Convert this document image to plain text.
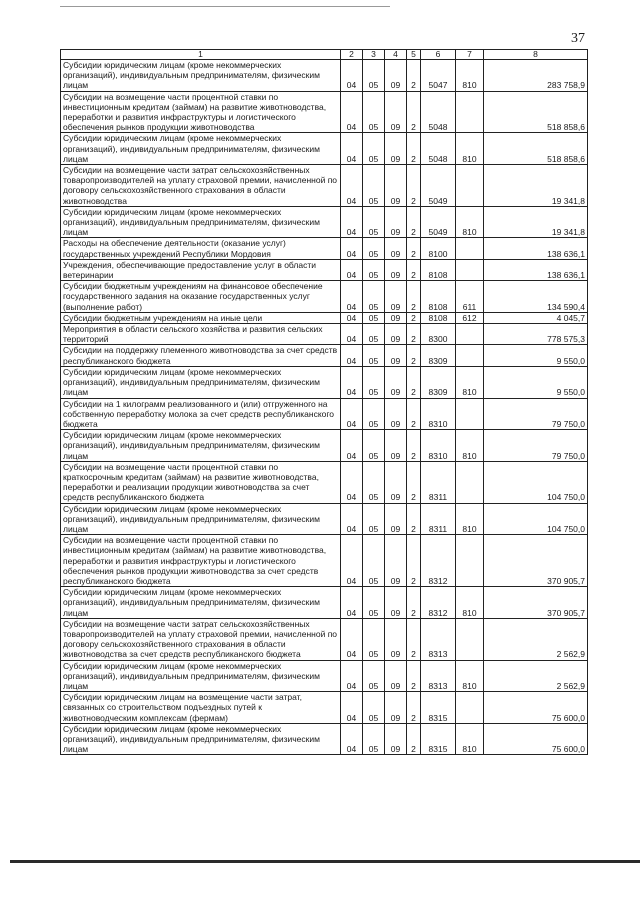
37
1	2	3	4	5	6	7	8
Субсидии юридическим лицам (кроме некоммерческих организаций), индивидуальным предпринимателям, физическим лицам	04	05	09	2	5047	810	283 758,9
Субсидии на возмещение части процентной ставки по инвестиционным кредитам (займам) на развитие животноводства, переработки и развития инфраструктуры и логистического обеспечения рынков продукции животноводства	04	05	09	2	5048		518 858,6
Субсидии юридическим лицам (кроме некоммерческих организаций), индивидуальным предпринимателям, физическим лицам	04	05	09	2	5048	810	518 858,6
Субсидии на возмещение части затрат сельскохозяйственных товаропроизводителей на уплату страховой премии, начисленной по договору сельскохозяйственного страхования в области животноводства	04	05	09	2	5049		19 341,8
Субсидии юридическим лицам (кроме некоммерческих организаций), индивидуальным предпринимателям, физическим лицам	04	05	09	2	5049	810	19 341,8
Расходы на обеспечение деятельности (оказание услуг) государственных учреждений Республики Мордовия	04	05	09	2	8100		138 636,1
Учреждения, обеспечивающие предоставление услуг в области ветеринарии	04	05	09	2	8108		138 636,1
Субсидии бюджетным учреждениям на финансовое обеспечение государственного задания на оказание государственных услуг (выполнение работ)	04	05	09	2	8108	611	134 590,4
Субсидии бюджетным учреждениям на иные цели	04	05	09	2	8108	612	4 045,7
Мероприятия в области сельского хозяйства и развития сельских территорий	04	05	09	2	8300		778 575,3
Субсидии на поддержку племенного животноводства за счет средств республиканского бюджета	04	05	09	2	8309		9 550,0
Субсидии юридическим лицам (кроме некоммерческих организаций), индивидуальным предпринимателям, физическим лицам	04	05	09	2	8309	810	9 550,0
Субсидии на 1 килограмм реализованного и (или) отгруженного на собственную переработку молока за счет средств республиканского бюджета	04	05	09	2	8310		79 750,0
Субсидии юридическим лицам (кроме некоммерческих организаций), индивидуальным предпринимателям, физическим лицам	04	05	09	2	8310	810	79 750,0
Субсидии на возмещение части процентной ставки по краткосрочным кредитам (займам) на развитие животноводства, переработки и реализации продукции животноводства за счет средств республиканского бюджета	04	05	09	2	8311		104 750,0
Субсидии юридическим лицам (кроме некоммерческих организаций), индивидуальным предпринимателям, физическим лицам	04	05	09	2	8311	810	104 750,0
Субсидии на возмещение части процентной ставки по инвестиционным кредитам (займам) на развитие животноводства, переработки и развития инфраструктуры и логистического обеспечения рынков продукции животноводства за счет средств республиканского бюджета	04	05	09	2	8312		370 905,7
Субсидии юридическим лицам (кроме некоммерческих организаций), индивидуальным предпринимателям, физическим лицам	04	05	09	2	8312	810	370 905,7
Субсидии на возмещение части затрат сельскохозяйственных товаропроизводителей на уплату страховой премии, начисленной по договору сельскохозяйственного страхования в области животноводства за счет средств республиканского бюджета	04	05	09	2	8313		2 562,9
Субсидии юридическим лицам (кроме некоммерческих организаций), индивидуальным предпринимателям, физическим лицам	04	05	09	2	8313	810	2 562,9
Субсидии юридическим лицам на возмещение части затрат, связанных со строительством подъездных путей к животноводческим комплексам (фермам)	04	05	09	2	8315		75 600,0
Субсидии юридическим лицам (кроме некоммерческих организаций), индивидуальным предпринимателям, физическим лицам	04	05	09	2	8315	810	75 600,0
